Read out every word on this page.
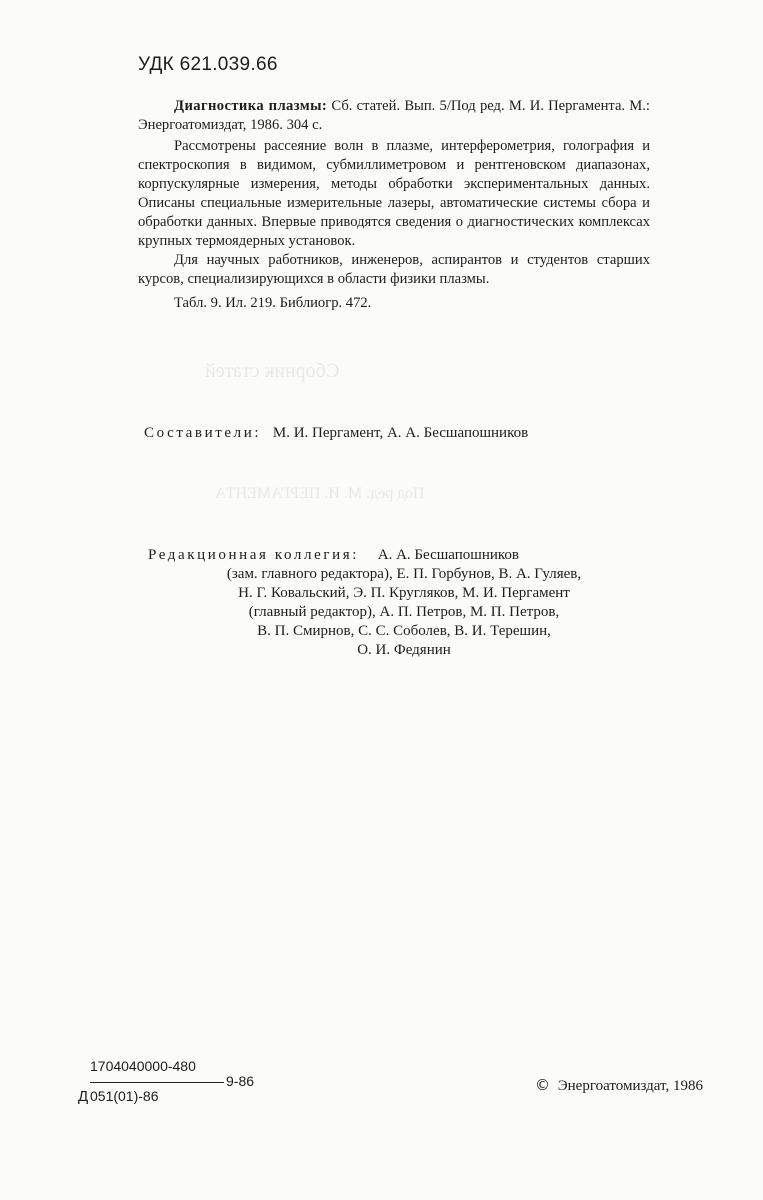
Сборник статей
Под ред. М. И. ПЕРГАМЕНТА
УДК 621.039.66

Диагностика плазмы: Сб. статей. Вып. 5/Под ред. М. И. Пергамента. М.: Энергоатомиздат, 1986. 304 с.

Рассмотрены рассеяние волн в плазме, интерферометрия, голография и спектроскопия в видимом, субмиллиметровом и рентгеновском диапазонах, корпускулярные измерения, методы обработки экспериментальных данных. Описаны специальные измерительные лазеры, автоматические системы сбора и обработки данных. Впервые приводятся сведения о диагностических комплексах крупных термоядерных установок.

Для научных работников, инженеров, аспирантов и студентов старших курсов, специализирующихся в области физики плазмы.

Табл. 9. Ил. 219. Библиогр. 472.

Составители: М. И. Пергамент, А. А. Бесшапошников
Редакционная коллегия: А. А. Бесшапошников
(зам. главного редактора), Е. П. Горбунов, В. А. Гуляев,
Н. Г. Ковальский, Э. П. Кругляков, М. И. Пергамент
(главный редактор), А. П. Петров, М. П. Петров,
В. П. Смирнов, С. С. Соболев, В. И. Терешин,
О. И. Федянин
Д
1704040000-480
051(01)-86
9-86	© Энергоатомиздат, 1986
